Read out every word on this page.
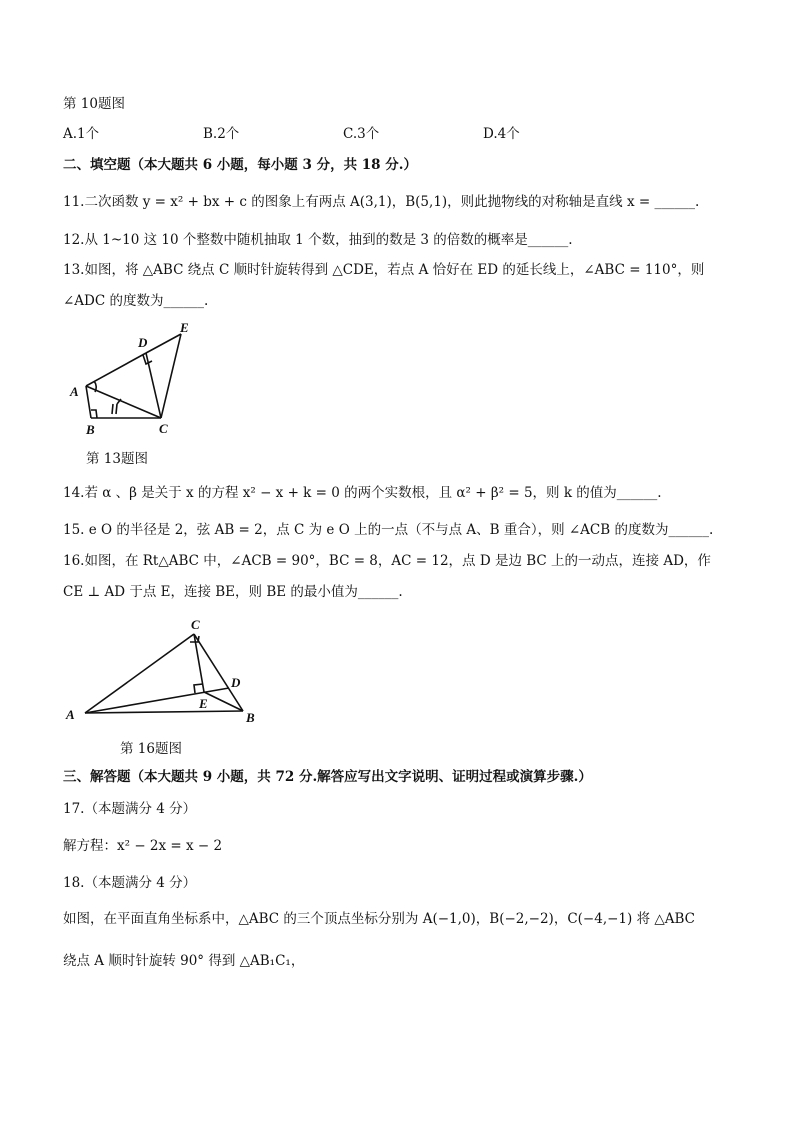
第 10题图
A.1个	B.2个	C.3个	D.4个
二、填空题（本大题共 6 小题，每小题 3 分，共 18 分.）
11.二次函数 y = x² + bx + c 的图象上有两点 A(3,1)，B(5,1)，则此抛物线的对称轴是直线 x = ______.
12.从 1~10 这 10 个整数中随机抽取 1 个数，抽到的数是 3 的倍数的概率是______.
13.如图，将 △ABC 绕点 C 顺时针旋转得到 △CDE，若点 A 恰好在 ED 的延长线上，∠ABC = 110°，则
∠ADC 的度数为______.
A
B	C
D
E
第 13题图
14.若 α 、β 是关于 x 的方程 x² − x + k = 0 的两个实数根，且 α² + β² = 5，则 k 的值为______.
15. e O 的半径是 2，弦 AB = 2，点 C 为 e O 上的一点（不与点 A、B 重合），则 ∠ACB 的度数为______.
16.如图，在 Rt△ABC 中，∠ACB = 90°，BC = 8，AC = 12，点 D 是边 BC 上的一动点，连接 AD，作
CE ⊥ AD 于点 E，连接 BE，则 BE 的最小值为______.
A	B
C
D
E
第 16题图
三、解答题（本大题共 9 小题，共 72 分.解答应写出文字说明、证明过程或演算步骤.）
17.（本题满分 4 分）
解方程：x² − 2x = x − 2
18.（本题满分 4 分）
如图，在平面直角坐标系中，△ABC 的三个顶点坐标分别为 A(−1,0)，B(−2,−2)，C(−4,−1) 将 △ABC
绕点 A 顺时针旋转 90° 得到 △AB₁C₁，
